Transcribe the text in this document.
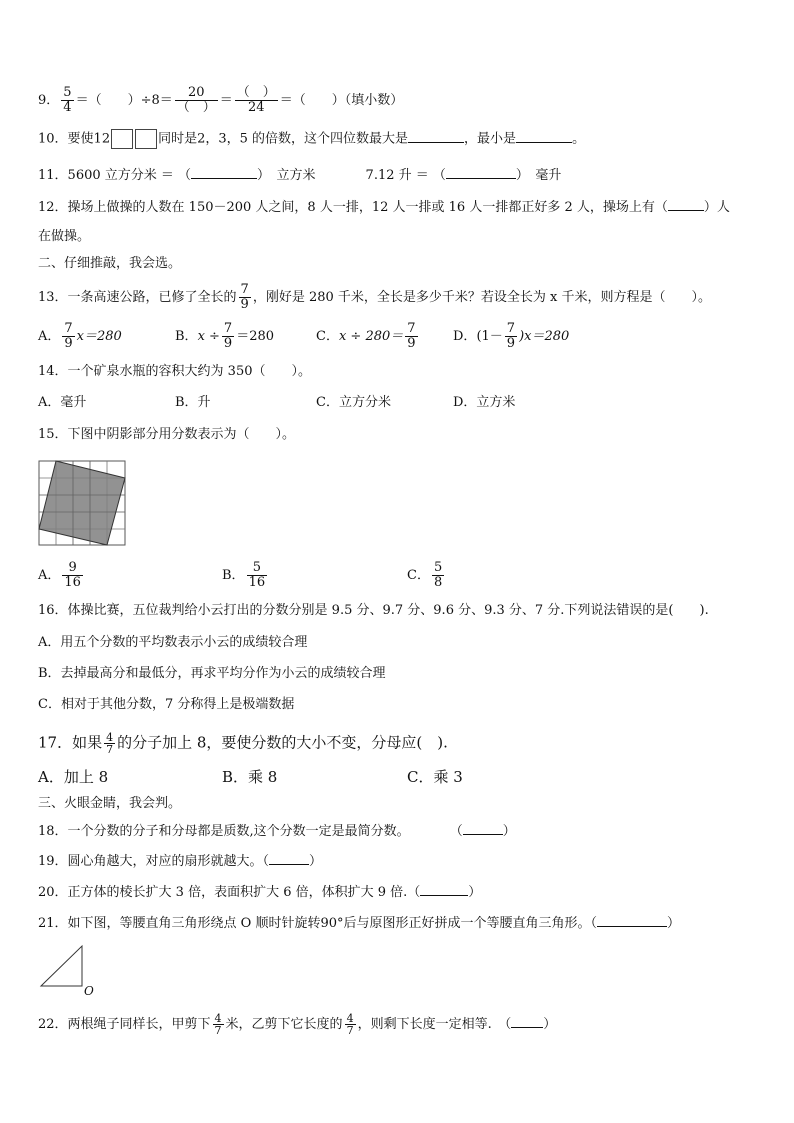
9． $\frac{5}{4}$ ＝（　　）$\div 8= \frac{20}{( )} = \frac{( )}{24}$ ＝（　　）（填小数）
10．要使12	同时是2，3，5 的倍数，这个四位数最大是	，最小是	。
11．5600 立方分米 ＝ （	）　立方米	7.12 升 ＝ （	）　毫升
12．操场上做操的人数在 150－200 人之间，8 人一排，12 人一排或 16 人一排都正好多 2 人，操场上有（	）人
在做操。
二、仔细推敲，我会选。
13．一条高速公路，已修了全长的 $\frac{7}{9}$ ，刚好是 280 千米，全长是多少千米？若设全长为 x 千米，则方程是（　　）。
A． $\frac{7}{9} x=280$	B．$x \div \frac{7}{9} =280$	C．$x \div 280= \frac{7}{9}$	D．$(1- \frac{7}{9} )x=280$
14．一个矿泉水瓶的容积大约为 350（　　）。
A．毫升	B．升	C．立方分米	D．立方米
15．下图中阴影部分用分数表示为（　　）。
A． $\frac{9}{16}$	B． $\frac{5}{16}$	C． $\frac{5}{8}$
16．体操比赛，五位裁判给小云打出的分数分别是 9.5 分、9.7 分、9.6 分、9.3 分、7 分.下列说法错误的是(　　).
A．用五个分数的平均数表示小云的成绩较合理
B．去掉最高分和最低分，再求平均分作为小云的成绩较合理
C．相对于其他分数，7 分称得上是极端数据
17．如果 $\frac{4}{7}$ 的分子加上 8，要使分数的大小不变，分母应(　).
A．加上 8	B．乘 8	C．乘 3
三、火眼金睛，我会判。
18．一个分数的分子和分母都是质数,这个分数一定是最简分数。	（	）
19．圆心角越大，对应的扇形就越大。（	）
20．正方体的棱长扩大 3 倍，表面积扩大 6 倍，体积扩大 9 倍.（	）
21．如下图，等腰直角三角形绕点 O 顺时针旋转90°后与原图形正好拼成一个等腰直角三角形。（	）
O
22．两根绳子同样长，甲剪下 $\frac{4}{7}$ 米，乙剪下它长度的 $\frac{4}{7}$ ，则剩下长度一定相等.　（ ）
